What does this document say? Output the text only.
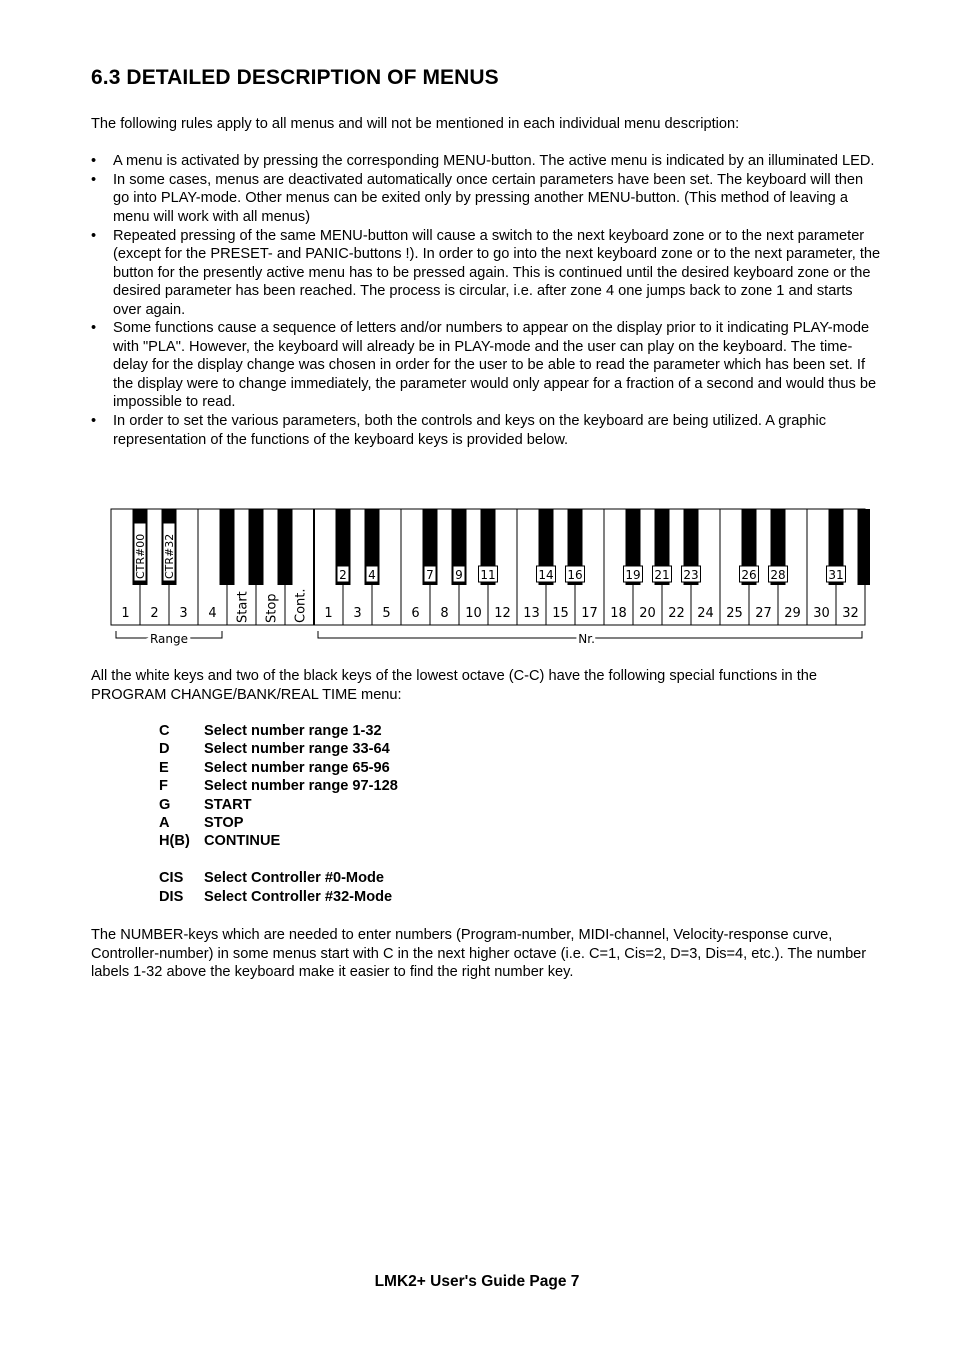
6.3 DETAILED DESCRIPTION OF MENUS

The following rules apply to all menus and will not be mentioned in each individual menu description:

• A menu is activated by pressing the corresponding MENU-button. The active menu is indicated by an illuminated LED.
• In some cases, menus are deactivated automatically once certain parameters have been set. The keyboard will then go into PLAY-mode. Other menus can be exited only by pressing another MENU-button. (This method of leaving a menu will work with all menus)
• Repeated pressing of the same MENU-button will cause a switch to the next keyboard zone or to the next parameter (except for the PRESET- and PANIC-buttons !). In order to go into the next keyboard zone or to the next parameter, the button for the presently active menu has to be pressed again. This is continued until the desired keyboard zone or the desired parameter has been reached. The process is circular, i.e. after zone 4 one jumps back to zone 1 and starts over again.
• Some functions cause a sequence of letters and/or numbers to appear on the display prior to it indicating PLAY-mode with "PLA". However, the keyboard will already be in PLAY-mode and the user can play on the keyboard. The time-delay for the display change was chosen in order for the user to be able to read the parameter which has been set. If the display were to change immediately, the parameter would only appear for a fraction of a second and would thus be impossible to read.
• In order to set the various parameters, both the controls and keys on the keyboard are being utilized. A graphic representation of the functions of the keyboard keys is provided below.
1 2 3 4 Start Stop Cont. 1 3 5 6 8 10 12 13 15 17 18 20 22 24 25 27 29 30 32
CTR#00 CTR#32	2 4	7 9 11	14 16	19 21 23	26 28	31
Range	Nr.

All the white keys and two of the black keys of the lowest octave (C-C) have the following special functions in the PROGRAM CHANGE/BANK/REAL TIME menu:

C	Select number range 1-32
D	Select number range 33-64
E	Select number range 65-96
F	Select number range 97-128
G	START
A	STOP
H(B) CONTINUE
CIS	Select Controller #0-Mode
DIS	Select Controller #32-Mode

The NUMBER-keys which are needed to enter numbers (Program-number, MIDI-channel, Velocity-response curve, Controller-number) in some menus start with C in the next higher octave (i.e. C=1, Cis=2, D=3, Dis=4, etc.). The number labels 1-32 above the keyboard make it easier to find the right number key.

LMK2+ User's Guide Page 7
